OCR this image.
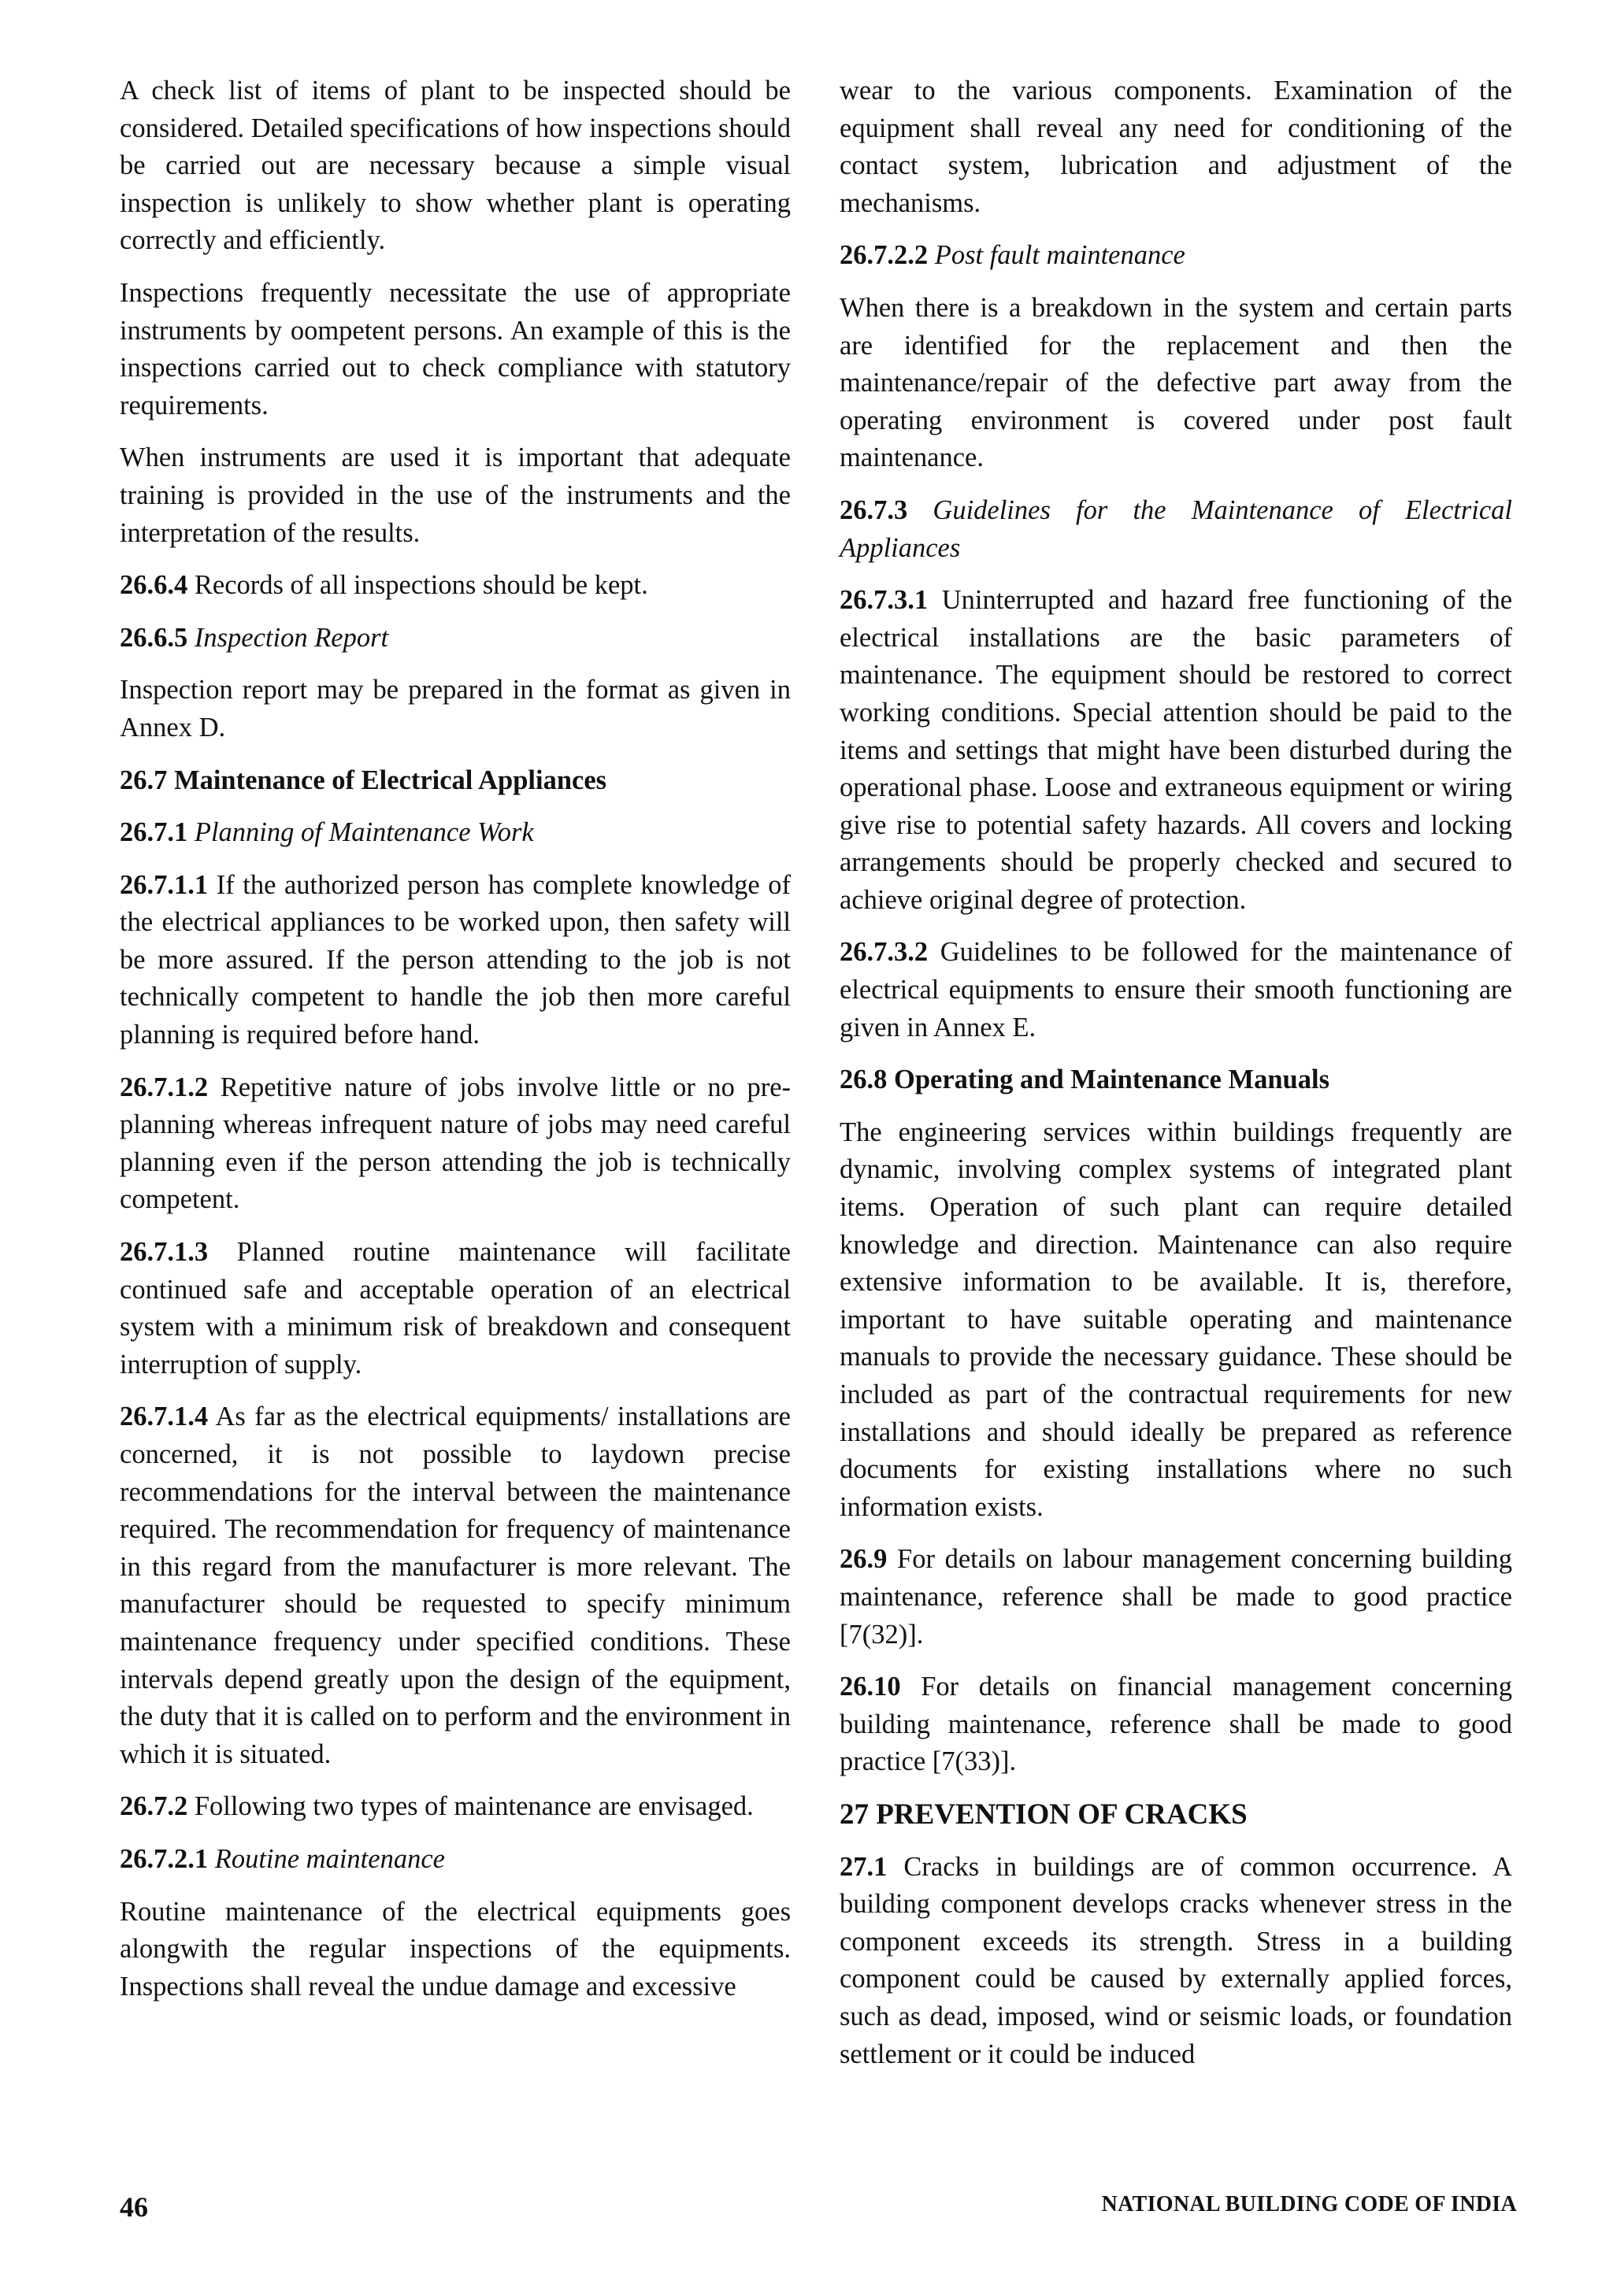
A check list of items of plant to be inspected should be considered. Detailed specifications of how inspections should be carried out are necessary because a simple visual inspection is unlikely to show whether plant is operating correctly and efficiently.

Inspections frequently necessitate the use of appropriate instruments by oompetent persons. An example of this is the inspections carried out to check compliance with statutory requirements.

When instruments are used it is important that adequate training is provided in the use of the instruments and the interpretation of the results.

26.6.4 Records of all inspections should be kept.

26.6.5 Inspection Report

Inspection report may be prepared in the format as given in Annex D.

26.7 Maintenance of Electrical Appliances

26.7.1 Planning of Maintenance Work

26.7.1.1 If the authorized person has complete knowledge of the electrical appliances to be worked upon, then safety will be more assured. If the person attending to the job is not technically competent to handle the job then more careful planning is required before hand.

26.7.1.2 Repetitive nature of jobs involve little or no pre-planning whereas infrequent nature of jobs may need careful planning even if the person attending the job is technically competent.

26.7.1.3 Planned routine maintenance will facilitate continued safe and acceptable operation of an electrical system with a minimum risk of breakdown and consequent interruption of supply.

26.7.1.4 As far as the electrical equipments/ installations are concerned, it is not possible to laydown precise recommendations for the interval between the maintenance required. The recommendation for frequency of maintenance in this regard from the manufacturer is more relevant. The manufacturer should be requested to specify minimum maintenance frequency under specified conditions. These intervals depend greatly upon the design of the equipment, the duty that it is called on to perform and the environment in which it is situated.

26.7.2 Following two types of maintenance are envisaged.

26.7.2.1 Routine maintenance

Routine maintenance of the electrical equipments goes alongwith the regular inspections of the equipments. Inspections shall reveal the undue damage and excessive

wear to the various components. Examination of the equipment shall reveal any need for conditioning of the contact system, lubrication and adjustment of the mechanisms.

26.7.2.2 Post fault maintenance

When there is a breakdown in the system and certain parts are identified for the replacement and then the maintenance/repair of the defective part away from the operating environment is covered under post fault maintenance.

26.7.3 Guidelines for the Maintenance of Electrical Appliances

26.7.3.1 Uninterrupted and hazard free functioning of the electrical installations are the basic parameters of maintenance. The equipment should be restored to correct working conditions. Special attention should be paid to the items and settings that might have been disturbed during the operational phase. Loose and extraneous equipment or wiring give rise to potential safety hazards. All covers and locking arrangements should be properly checked and secured to achieve original degree of protection.

26.7.3.2 Guidelines to be followed for the maintenance of electrical equipments to ensure their smooth functioning are given in Annex E.

26.8 Operating and Maintenance Manuals

The engineering services within buildings frequently are dynamic, involving complex systems of integrated plant items. Operation of such plant can require detailed knowledge and direction. Maintenance can also require extensive information to be available. It is, therefore, important to have suitable operating and maintenance manuals to provide the necessary guidance. These should be included as part of the contractual requirements for new installations and should ideally be prepared as reference documents for existing installations where no such information exists.

26.9 For details on labour management concerning building maintenance, reference shall be made to good practice [7(32)].

26.10 For details on financial management concerning building maintenance, reference shall be made to good practice [7(33)].

27 PREVENTION OF CRACKS

27.1 Cracks in buildings are of common occurrence. A building component develops cracks whenever stress in the component exceeds its strength. Stress in a building component could be caused by externally applied forces, such as dead, imposed, wind or seismic loads, or foundation settlement or it could be induced

46	NATIONAL BUILDING CODE OF INDIA
